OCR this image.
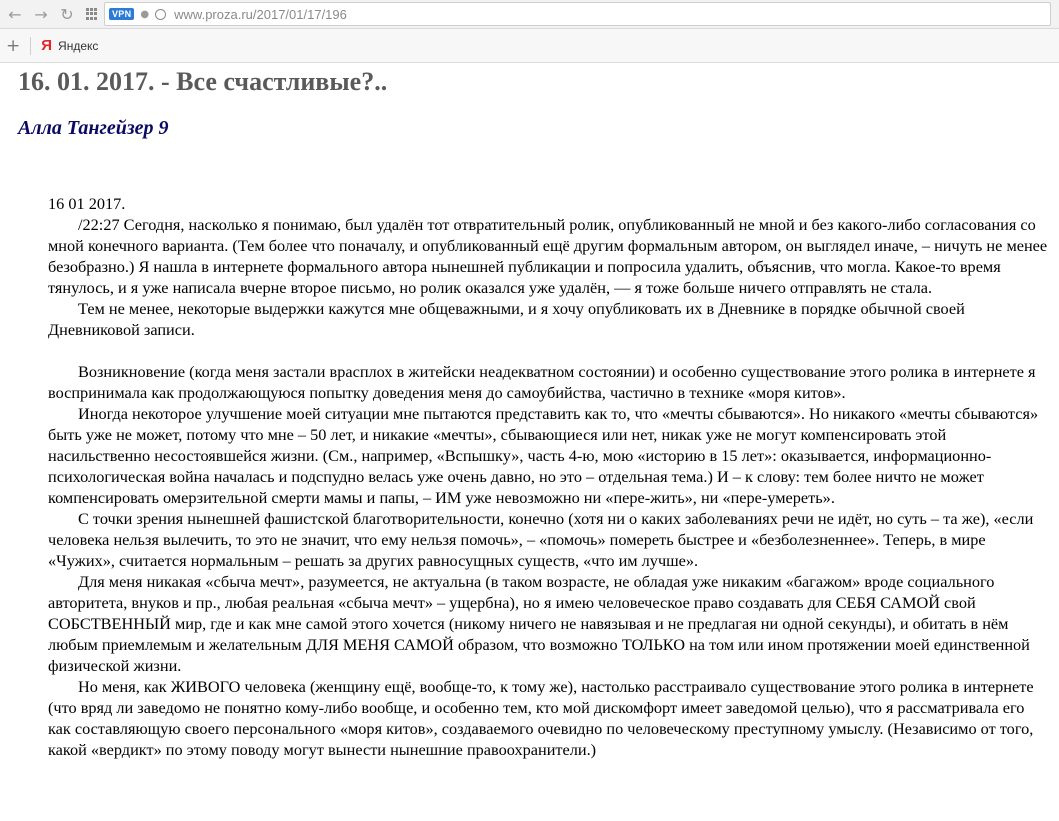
← → ↻	VPN ● www.proza.ru/2017/01/17/196
+ Я Яндекс
16. 01. 2017. - Все счастливые?..
Алла Тангейзер 9

16 01 2017.

/22:27 Сегодня, насколько я понимаю, был удалён тот отвратительный ролик, опубликованный не мной и без какого-либо согласования со мной конечного варианта. (Тем более что поначалу, и опубликованный ещё другим формальным автором, он выглядел иначе, – ничуть не менее безобразно.) Я нашла в интернете формального автора нынешней публикации и попросила удалить, объяснив, что могла. Какое-то время тянулось, и я уже написала вчерне второе письмо, но ролик оказался уже удалён, — я тоже больше ничего отправлять не стала.

Тем не менее, некоторые выдержки кажутся мне общеважными, и я хочу опубликовать их в Дневнике в порядке обычной своей Дневниковой записи.

Возникновение (когда меня застали врасплох в житейски неадекватном состоянии) и особенно существование этого ролика в интернете я воспринимала как продолжающуюся попытку доведения меня до самоубийства, частично в технике «моря китов».

Иногда некоторое улучшение моей ситуации мне пытаются представить как то, что «мечты сбываются». Но никакого «мечты сбываются» быть уже не может, потому что мне – 50 лет, и никакие «мечты», сбывающиеся или нет, никак уже не могут компенсировать этой насильственно несостоявшейся жизни. (См., например, «Вспышку», часть 4-ю, мою «историю в 15 лет»: оказывается, информационно-психологическая война началась и подспудно велась уже очень давно, но это – отдельная тема.) И – к слову: тем более ничто не может компенсировать омерзительной смерти мамы и папы, – ИМ уже невозможно ни «пере-жить», ни «пере-умереть».

С точки зрения нынешней фашистской благотворительности, конечно (хотя ни о каких заболеваниях речи не идёт, но суть – та же), «если человека нельзя вылечить, то это не значит, что ему нельзя помочь», – «помочь» помереть быстрее и «безболезненнее». Теперь, в мире «Чужих», считается нормальным – решать за других равносущных существ, «что им лучше».

Для меня никакая «сбыча мечт», разумеется, не актуальна (в таком возрасте, не обладая уже никаким «багажом» вроде социального авторитета, внуков и пр., любая реальная «сбыча мечт» – ущербна), но я имею человеческое право создавать для СЕБЯ САМОЙ свой СОБСТВЕННЫЙ мир, где и как мне самой этого хочется (никому ничего не навязывая и не предлагая ни одной секунды), и обитать в нём любым приемлемым и желательным ДЛЯ МЕНЯ САМОЙ образом, что возможно ТОЛЬКО на том или ином протяжении моей единственной физической жизни.

Но меня, как ЖИВОГО человека (женщину ещё, вообще-то, к тому же), настолько расстраивало существование этого ролика в интернете (что вряд ли заведомо не понятно кому-либо вообще, и особенно тем, кто мой дискомфорт имеет заведомой целью), что я рассматривала его как составляющую своего персонального «моря китов», создаваемого очевидно по человеческому преступному умыслу. (Независимо от того, какой «вердикт» по этому поводу могут вынести нынешние правоохранители.)
